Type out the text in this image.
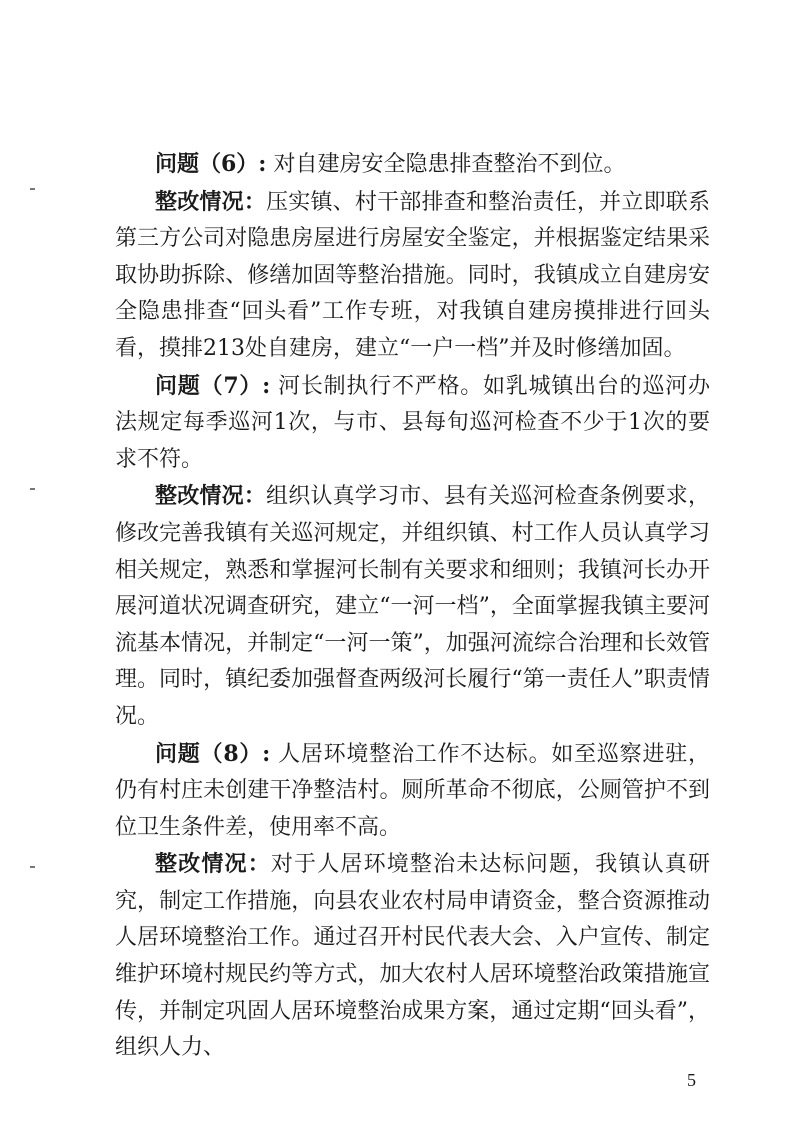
问题（6）: 对自建房安全隐患排查整治不到位。

整改情况：压实镇、村干部排查和整治责任，并立即联系第三方公司对隐患房屋进行房屋安全鉴定，并根据鉴定结果采取协助拆除、修缮加固等整治措施。同时，我镇成立自建房安全隐患排查“回头看”工作专班，对我镇自建房摸排进行回头看，摸排213处自建房，建立“一户一档”并及时修缮加固。

问题（7）: 河长制执行不严格。如乳城镇出台的巡河办法规定每季巡河1次，与市、县每旬巡河检查不少于1次的要求不符。

整改情况：组织认真学习市、县有关巡河检查条例要求，修改完善我镇有关巡河规定，并组织镇、村工作人员认真学习相关规定，熟悉和掌握河长制有关要求和细则；我镇河长办开展河道状况调查研究，建立“一河一档”，全面掌握我镇主要河流基本情况，并制定“一河一策”，加强河流综合治理和长效管理。同时，镇纪委加强督查两级河长履行“第一责任人”职责情况。

问题（8）: 人居环境整治工作不达标。如至巡察进驻，仍有村庄未创建干净整洁村。厕所革命不彻底，公厕管护不到位卫生条件差，使用率不高。

整改情况：对于人居环境整治未达标问题，我镇认真研究，制定工作措施，向县农业农村局申请资金，整合资源推动人居环境整治工作。通过召开村民代表大会、入户宣传、制定维护环境村规民约等方式，加大农村人居环境整治政策措施宣传，并制定巩固人居环境整治成果方案，通过定期“回头看”，组织人力、

5
